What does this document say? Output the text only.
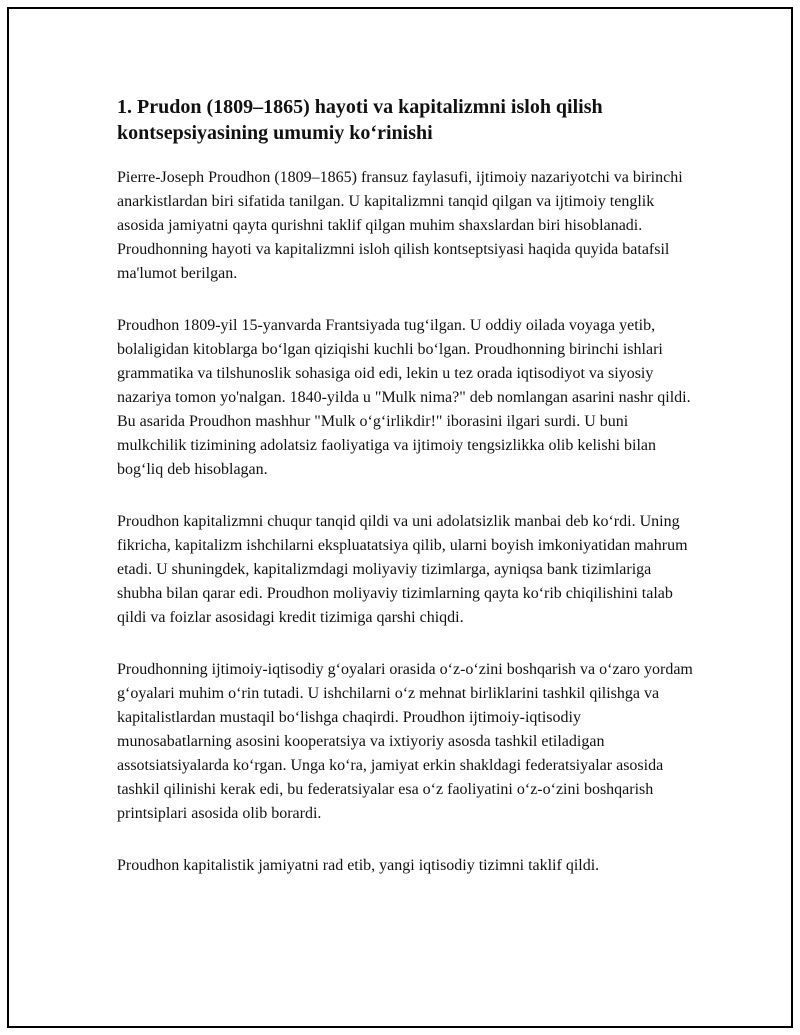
1. Prudon (1809–1865) hayoti va kapitalizmni isloh qilish kontsepsiyasining umumiy koʻrinishi

Pierre-Joseph Proudhon (1809–1865) fransuz faylasufi, ijtimoiy nazariyotchi va birinchi anarkistlardan biri sifatida tanilgan. U kapitalizmni tanqid qilgan va ijtimoiy tenglik asosida jamiyatni qayta qurishni taklif qilgan muhim shaxslardan biri hisoblanadi. Proudhonning hayoti va kapitalizmni isloh qilish kontseptsiyasi haqida quyida batafsil ma'lumot berilgan.

Proudhon 1809-yil 15-yanvarda Frantsiyada tugʻilgan. U oddiy oilada voyaga yetib, bolaligidan kitoblarga boʻlgan qiziqishi kuchli boʻlgan. Proudhonning birinchi ishlari grammatika va tilshunoslik sohasiga oid edi, lekin u tez orada iqtisodiyot va siyosiy nazariya tomon yo'nalgan. 1840-yilda u "Mulk nima?" deb nomlangan asarini nashr qildi. Bu asarida Proudhon mashhur "Mulk oʻgʻirlikdir!" iborasini ilgari surdi. U buni mulkchilik tizimining adolatsiz faoliyatiga va ijtimoiy tengsizlikka olib kelishi bilan bogʻliq deb hisoblagan.

Proudhon kapitalizmni chuqur tanqid qildi va uni adolatsizlik manbai deb koʻrdi. Uning fikricha, kapitalizm ishchilarni ekspluatatsiya qilib, ularni boyish imkoniyatidan mahrum etadi. U shuningdek, kapitalizmdagi moliyaviy tizimlarga, ayniqsa bank tizimlariga shubha bilan qarar edi. Proudhon moliyaviy tizimlarning qayta koʻrib chiqilishini talab qildi va foizlar asosidagi kredit tizimiga qarshi chiqdi.

Proudhonning ijtimoiy-iqtisodiy gʻoyalari orasida oʻz-oʻzini boshqarish va oʻzaro yordam gʻoyalari muhim oʻrin tutadi. U ishchilarni oʻz mehnat birliklarini tashkil qilishga va kapitalistlardan mustaqil boʻlishga chaqirdi. Proudhon ijtimoiy-iqtisodiy munosabatlarning asosini kooperatsiya va ixtiyoriy asosda tashkil etiladigan assotsiatsiyalarda koʻrgan. Unga koʻra, jamiyat erkin shakldagi federatsiyalar asosida tashkil qilinishi kerak edi, bu federatsiyalar esa oʻz faoliyatini oʻz-oʻzini boshqarish printsiplari asosida olib borardi.

Proudhon kapitalistik jamiyatni rad etib, yangi iqtisodiy tizimni taklif qildi.
